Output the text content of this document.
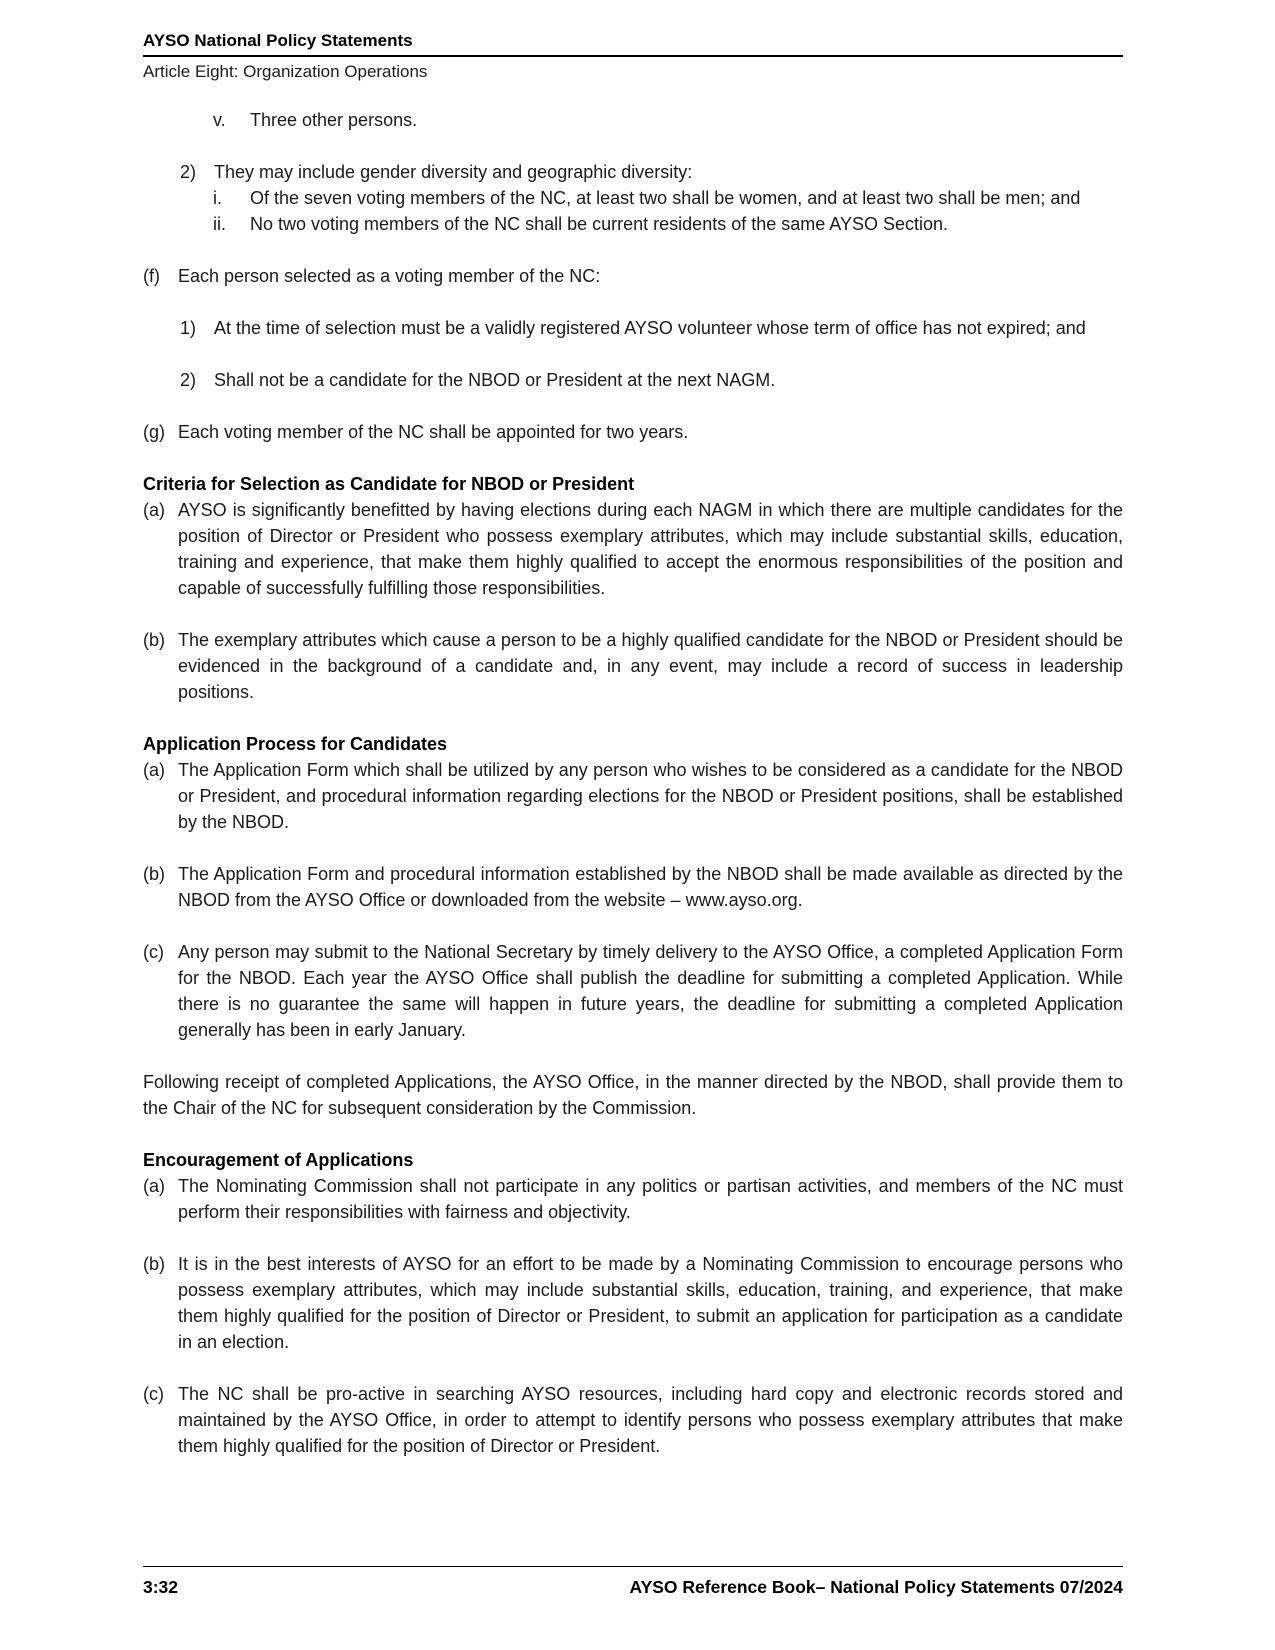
AYSO National Policy Statements
Article Eight: Organization Operations
v.	Three other persons.
2) They may include gender diversity and geographic diversity:
i.	Of the seven voting members of the NC, at least two shall be women, and at least two shall be men; and
ii.	No two voting members of the NC shall be current residents of the same AYSO Section.
(f)	Each person selected as a voting member of the NC:
1) At the time of selection must be a validly registered AYSO volunteer whose term of office has not expired; and
2) Shall not be a candidate for the NBOD or President at the next NAGM.
(g) Each voting member of the NC shall be appointed for two years.
Criteria for Selection as Candidate for NBOD or President
(a) AYSO is significantly benefitted by having elections during each NAGM in which there are multiple candidates for the position of Director or President who possess exemplary attributes, which may include substantial skills, education, training and experience, that make them highly qualified to accept the enormous responsibilities of the position and capable of successfully fulfilling those responsibilities.
(b) The exemplary attributes which cause a person to be a highly qualified candidate for the NBOD or President should be evidenced in the background of a candidate and, in any event, may include a record of success in leadership positions.
Application Process for Candidates
(a) The Application Form which shall be utilized by any person who wishes to be considered as a candidate for the NBOD or President, and procedural information regarding elections for the NBOD or President positions, shall be established by the NBOD.
(b) The Application Form and procedural information established by the NBOD shall be made available as directed by the NBOD from the AYSO Office or downloaded from the website – www.ayso.org.
(c) Any person may submit to the National Secretary by timely delivery to the AYSO Office, a completed Application Form for the NBOD. Each year the AYSO Office shall publish the deadline for submitting a completed Application. While there is no guarantee the same will happen in future years, the deadline for submitting a completed Application generally has been in early January.

Following receipt of completed Applications, the AYSO Office, in the manner directed by the NBOD, shall provide them to the Chair of the NC for subsequent consideration by the Commission.

Encouragement of Applications
(a) The Nominating Commission shall not participate in any politics or partisan activities, and members of the NC must perform their responsibilities with fairness and objectivity.
(b) It is in the best interests of AYSO for an effort to be made by a Nominating Commission to encourage persons who possess exemplary attributes, which may include substantial skills, education, training, and experience, that make them highly qualified for the position of Director or President, to submit an application for participation as a candidate in an election.
(c) The NC shall be pro-active in searching AYSO resources, including hard copy and electronic records stored and maintained by the AYSO Office, in order to attempt to identify persons who possess exemplary attributes that make them highly qualified for the position of Director or President.
3:32	AYSO Reference Book– National Policy Statements 07/2024
